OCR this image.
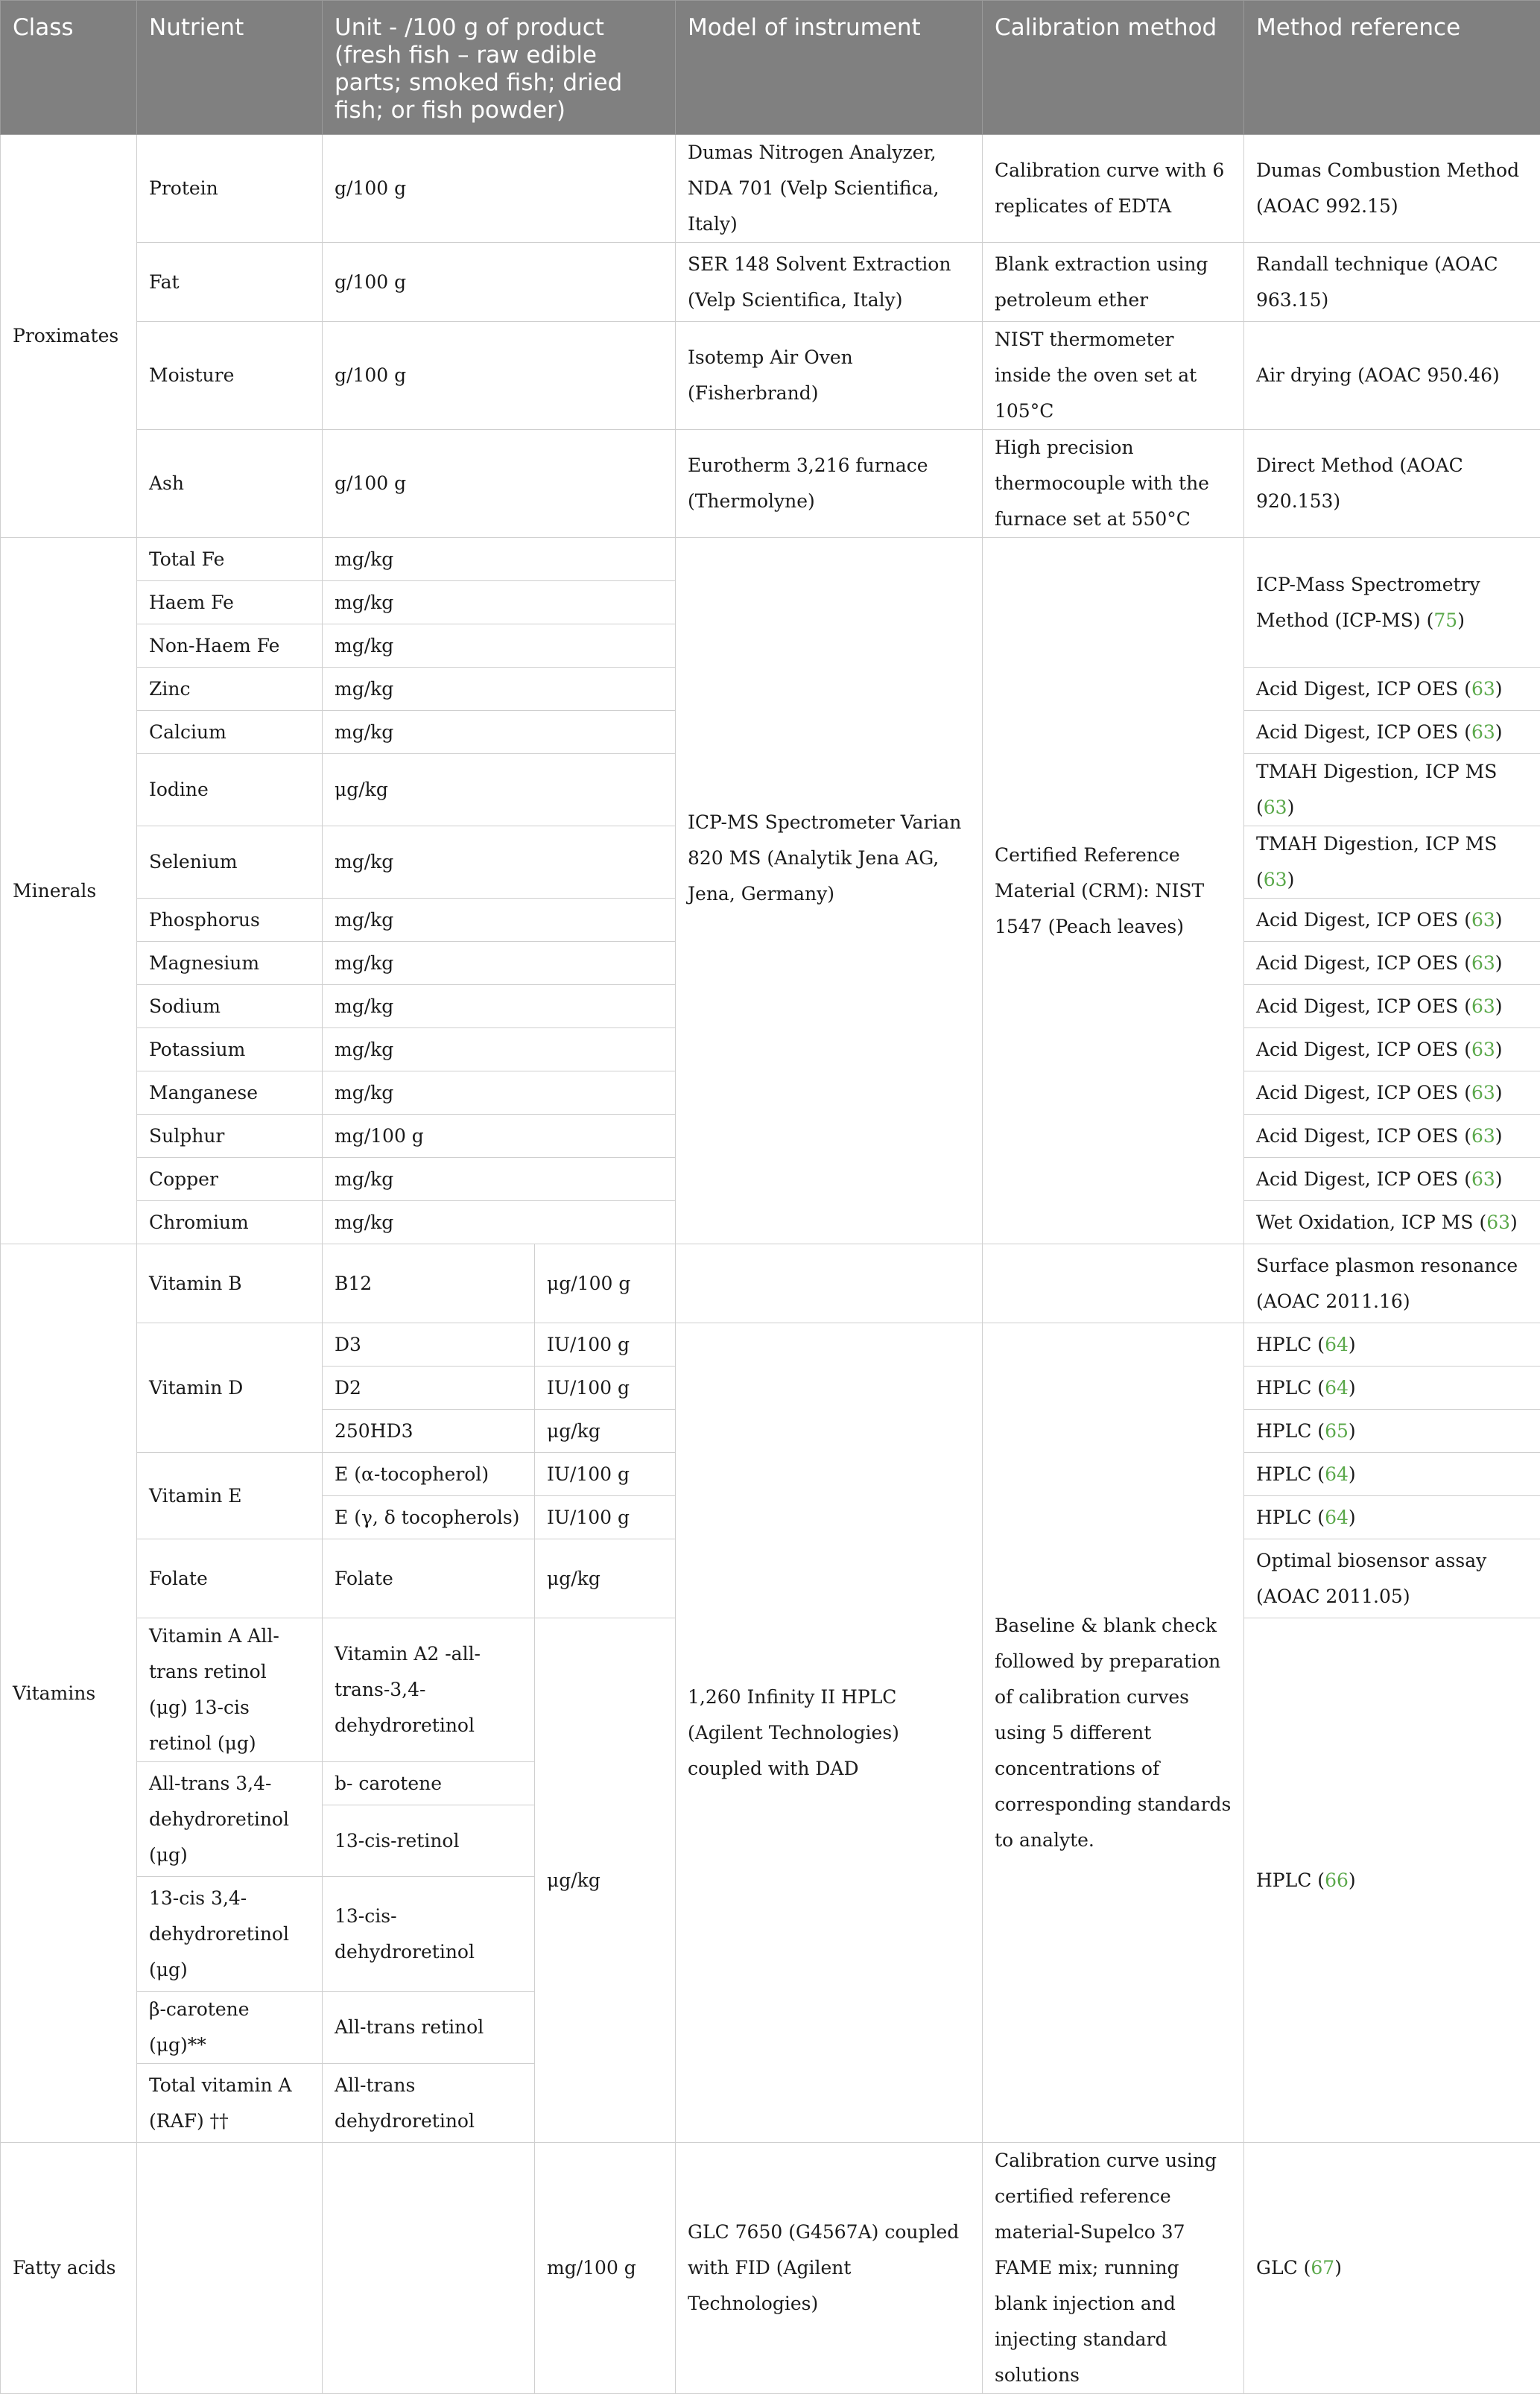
Class	Nutrient	Unit - /100 g of product (fresh fish – raw edible parts; smoked fish; dried fish; or fish powder)		Model of instrument	Calibration method	Method reference
Proximates	Protein	g/100 g		Dumas Nitrogen Analyzer, NDA 701 (Velp Scientifica, Italy)	Calibration curve with 6 replicates of EDTA	Dumas Combustion Method (AOAC 992.15)
	Fat	g/100 g		SER 148 Solvent Extraction (Velp Scientifica, Italy)	Blank extraction using petroleum ether	Randall technique (AOAC 963.15)
	Moisture	g/100 g		Isotemp Air Oven (Fisherbrand)	NIST thermometer inside the oven set at 105°C	Air drying (AOAC 950.46)
	Ash	g/100 g		Eurotherm 3,216 furnace (Thermolyne)	High precision thermocouple with the furnace set at 550°C	Direct Method (AOAC 920.153)
Minerals	Total Fe	mg/kg		ICP-MS Spectrometer Varian 820 MS (Analytik Jena AG, Jena, Germany)	Certified Reference Material (CRM): NIST 1547 (Peach leaves)	ICP-Mass Spectrometry Method (ICP-MS) (75)
	Haem Fe	mg/kg				
	Non-Haem Fe	mg/kg				
	Zinc	mg/kg				Acid Digest, ICP OES (63)
	Calcium	mg/kg				Acid Digest, ICP OES (63)
	Iodine	μg/kg				TMAH Digestion, ICP MS (63)
	Selenium	mg/kg				TMAH Digestion, ICP MS (63)
	Phosphorus	mg/kg				Acid Digest, ICP OES (63)
	Magnesium	mg/kg				Acid Digest, ICP OES (63)
	Sodium	mg/kg				Acid Digest, ICP OES (63)
	Potassium	mg/kg				Acid Digest, ICP OES (63)
	Manganese	mg/kg				Acid Digest, ICP OES (63)
	Sulphur	mg/100 g				Acid Digest, ICP OES (63)
	Copper	mg/kg				Acid Digest, ICP OES (63)
	Chromium	mg/kg				Wet Oxidation, ICP MS (63)
Vitamins	Vitamin B	B12	μg/100 g			Surface plasmon resonance (AOAC 2011.16)
	Vitamin D	D3	IU/100 g	1,260 Infinity II HPLC (Agilent Technologies) coupled with DAD	Baseline & blank check followed by preparation of calibration curves using 5 different concentrations of corresponding standards to analyte.	HPLC (64)
		D2	IU/100 g			HPLC (64)
		250HD3	μg/kg			HPLC (65)
	Vitamin E	E (α-tocopherol)	IU/100 g			HPLC (64)
		E (γ, δ tocopherols)	IU/100 g			HPLC (64)
	Folate	Folate	μg/kg			Optimal biosensor assay (AOAC 2011.05)
	Vitamin A All-trans retinol (μg) 13-cis retinol (μg)	Vitamin A2 -all-trans-3,4-dehydroretinol	μg/kg			HPLC (66)

	All-trans 3,4-dehydroretinol (μg)	b- carotene				
		13-cis-retinol				
	13-cis 3,4-dehydroretinol (μg)	13-cis-dehydroretinol				

	β-carotene (μg)**	All-trans retinol				
	Total vitamin A (RAF) ††	All-trans dehydroretinol				

Fatty acids			mg/100 g	GLC 7650 (G4567A) coupled with FID (Agilent Technologies)	Calibration curve using certified reference material-Supelco 37 FAME mix; running blank injection and injecting standard solutions	GLC (67)
